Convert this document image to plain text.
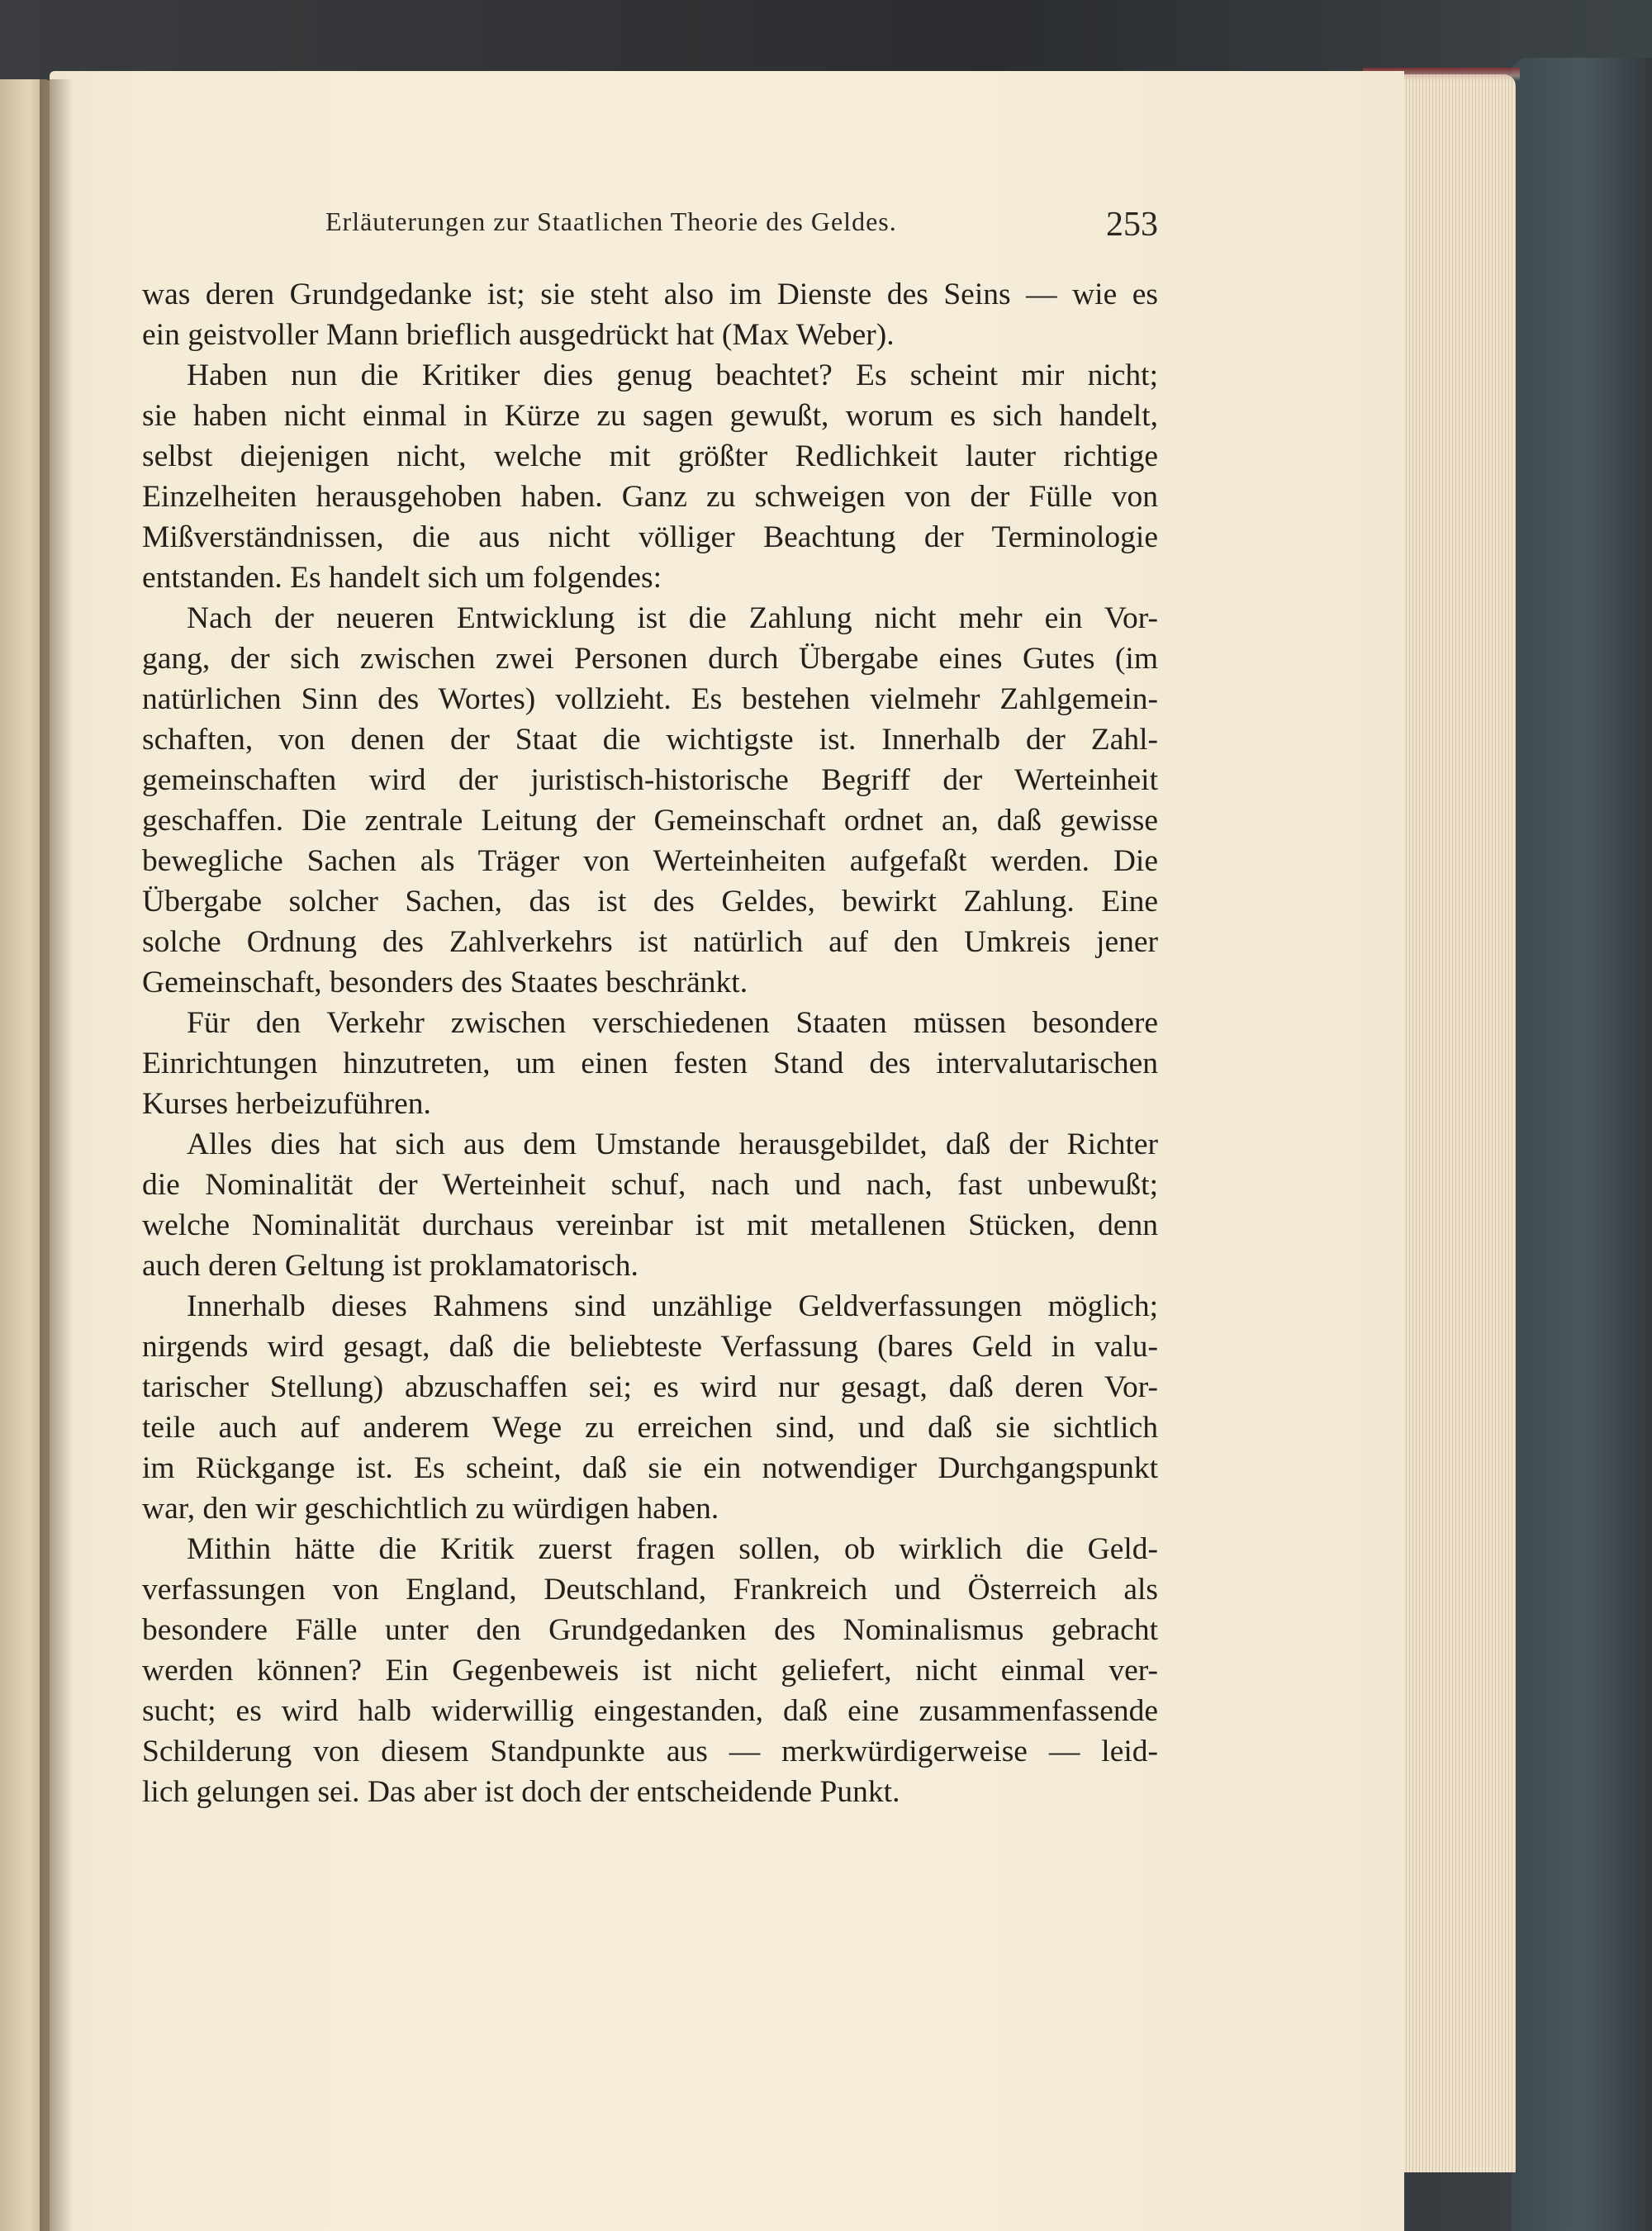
Erläuterungen zur Staatlichen Theorie des Geldes.	253
was deren Grundgedanke ist; sie steht also im Dienste des Seins — wie es
ein geistvoller Mann brieflich ausgedrückt hat (Max Weber).
Haben nun die Kritiker dies genug beachtet? Es scheint mir nicht;
sie haben nicht einmal in Kürze zu sagen gewußt, worum es sich handelt,
selbst diejenigen nicht, welche mit größter Redlichkeit lauter richtige
Einzelheiten herausgehoben haben. Ganz zu schweigen von der Fülle von
Mißverständnissen, die aus nicht völliger Beachtung der Terminologie
entstanden. Es handelt sich um folgendes:
Nach der neueren Entwicklung ist die Zahlung nicht mehr ein Vor-
gang, der sich zwischen zwei Personen durch Übergabe eines Gutes (im
natürlichen Sinn des Wortes) vollzieht. Es bestehen vielmehr Zahlgemein-
schaften, von denen der Staat die wichtigste ist. Innerhalb der Zahl-
gemeinschaften wird der juristisch-historische Begriff der Werteinheit
geschaffen. Die zentrale Leitung der Gemeinschaft ordnet an, daß gewisse
bewegliche Sachen als Träger von Werteinheiten aufgefaßt werden. Die
Übergabe solcher Sachen, das ist des Geldes, bewirkt Zahlung. Eine
solche Ordnung des Zahlverkehrs ist natürlich auf den Umkreis jener
Gemeinschaft, besonders des Staates beschränkt.
Für den Verkehr zwischen verschiedenen Staaten müssen besondere
Einrichtungen hinzutreten, um einen festen Stand des intervalutarischen
Kurses herbeizuführen.
Alles dies hat sich aus dem Umstande herausgebildet, daß der Richter
die Nominalität der Werteinheit schuf, nach und nach, fast unbewußt;
welche Nominalität durchaus vereinbar ist mit metallenen Stücken, denn
auch deren Geltung ist proklamatorisch.
Innerhalb dieses Rahmens sind unzählige Geldverfassungen möglich;
nirgends wird gesagt, daß die beliebteste Verfassung (bares Geld in valu-
tarischer Stellung) abzuschaffen sei; es wird nur gesagt, daß deren Vor-
teile auch auf anderem Wege zu erreichen sind, und daß sie sichtlich
im Rückgange ist. Es scheint, daß sie ein notwendiger Durchgangspunkt
war, den wir geschichtlich zu würdigen haben.
Mithin hätte die Kritik zuerst fragen sollen, ob wirklich die Geld-
verfassungen von England, Deutschland, Frankreich und Österreich als
besondere Fälle unter den Grundgedanken des Nominalismus gebracht
werden können? Ein Gegenbeweis ist nicht geliefert, nicht einmal ver-
sucht; es wird halb widerwillig eingestanden, daß eine zusammenfassende
Schilderung von diesem Standpunkte aus — merkwürdigerweise — leid-
lich gelungen sei. Das aber ist doch der entscheidende Punkt.
